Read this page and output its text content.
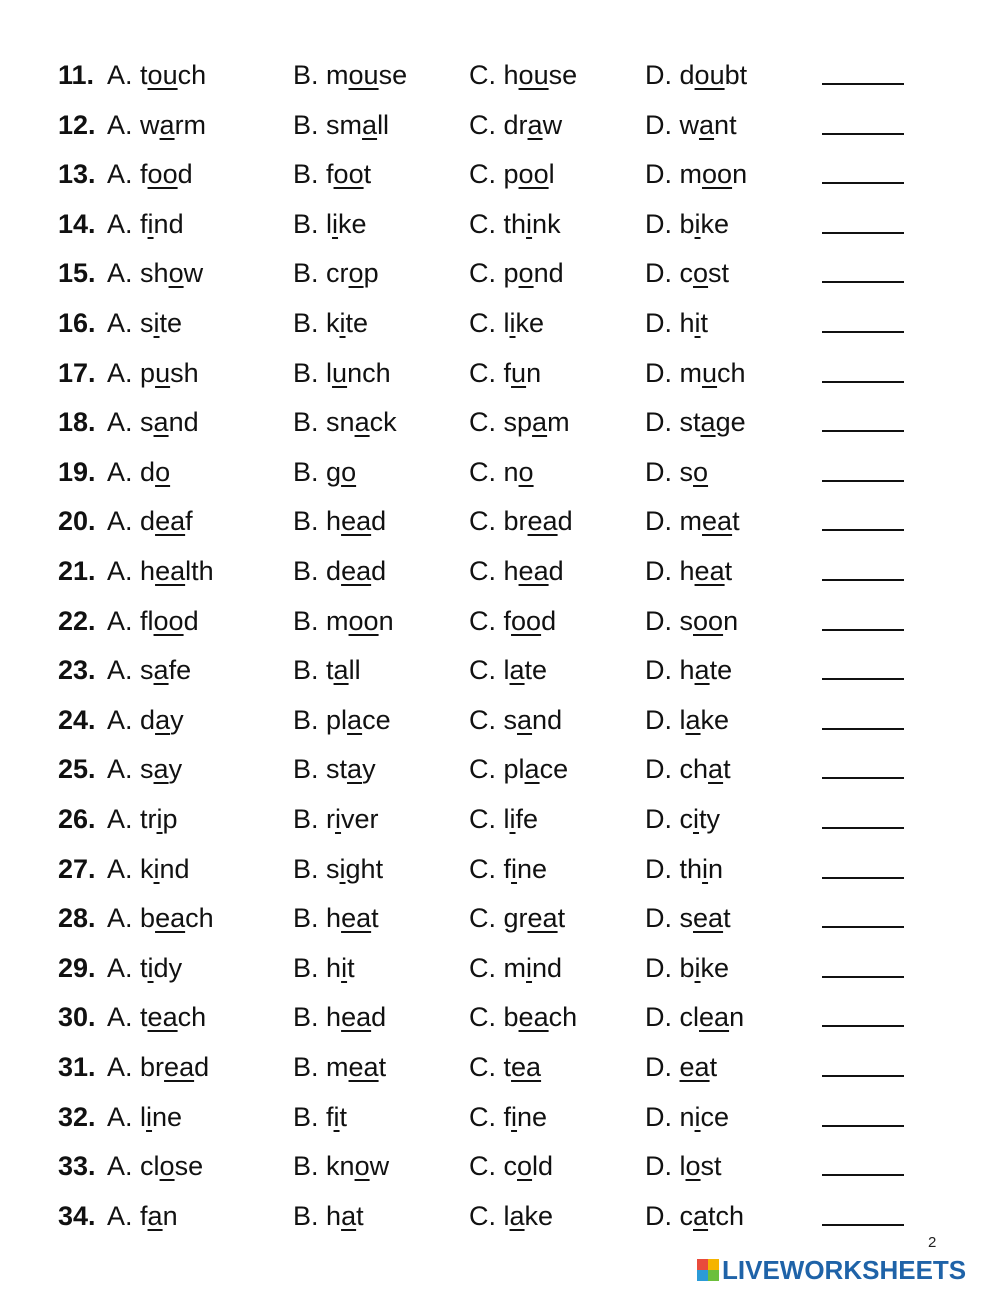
11. A. touch	B. mouse C. house	D. doubt
12. A. warm	B. small	C. draw	D. want
13. A. food	B. foot	C. pool	D. moon
14. A. find	B. like	C. think	D. bike
15. A. show	B. crop	C. pond	D. cost
16. A. site	B. kite	C. like	D. hit
17. A. push	B. lunch	C. fun	D. much
18. A. sand	B. snack	C. spam	D. stage
19. A. do	B. go	C. no	D. so
20. A. deaf	B. head	C. bread	D. meat
21. A. health	B. dead	C. head	D. heat
22. A. flood	B. moon	C. food	D. soon
23. A. safe	B. tall	C. late	D. hate
24. A. day	B. place	C. sand	D. lake
25. A. say	B. stay	C. place	D. chat
26. A. trip	B. river	C. life	D. city
27. A. kind	B. sight	C. fine	D. thin
28. A. beach	B. heat	C. great	D. seat
29. A. tidy	B. hit	C. mind	D. bike
30. A. teach	B. head	C. beach	D. clean
31. A. bread	B. meat	C. tea	D. eat
32. A. line	B. fit	C. fine	D. nice
33. A. close	B. know	C. cold	D. lost
34. A. fan	B. hat	C. lake	D. catch
2
LIVEWORKSHEETS
